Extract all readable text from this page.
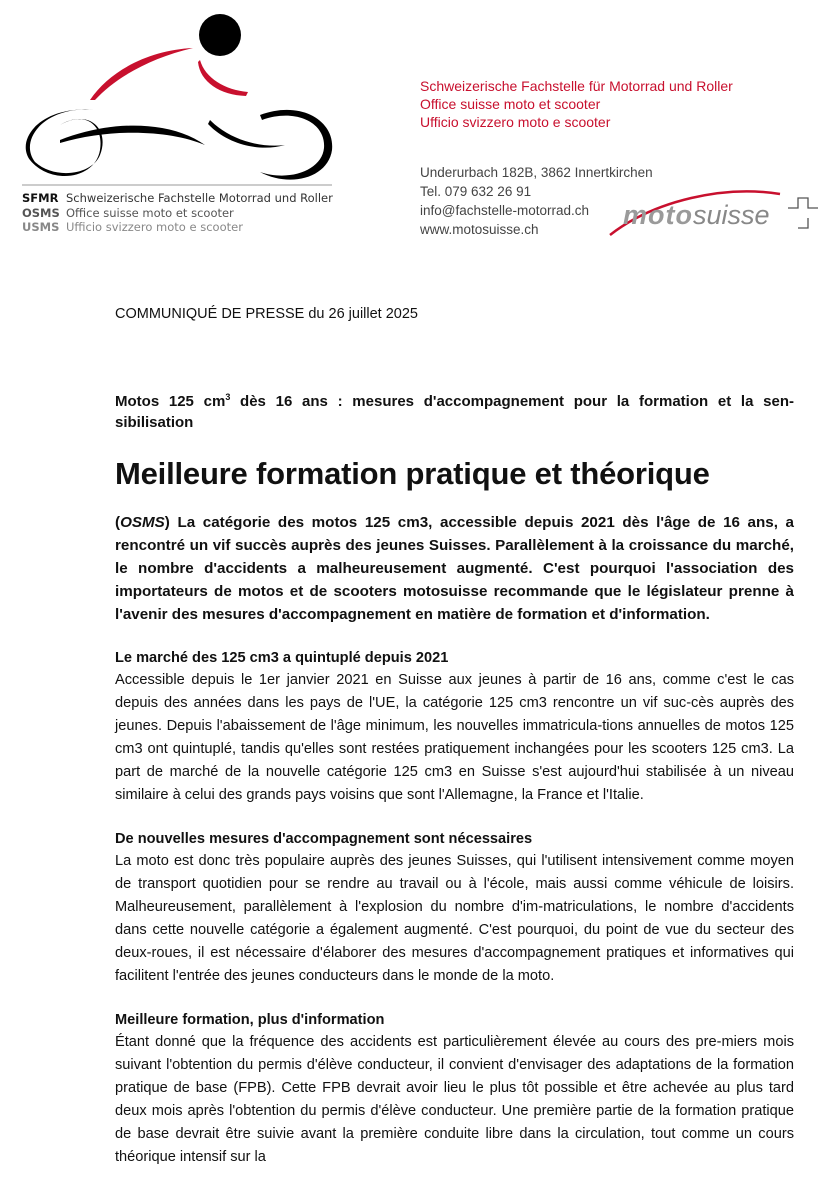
SFMR Schweizerische Fachstelle Motorrad und Roller
OSMS Office suisse moto et scooter
USMS Ufficio svizzero moto e scooter
Schweizerische Fachstelle für Motorrad und Roller
Office suisse moto et scooter
Ufficio svizzero moto e scooter
Underurbach 182B, 3862 Innertkirchen
Tel. 079 632 26 91
info@fachstelle-motorrad.ch
www.motosuisse.ch	motosuisse

COMMUNIQUÉ DE PRESSE du 26 juillet 2025

Motos 125 $cm^3$ dès 16 ans : mesures d'accompagnement pour la formation et la sen-sibilisation

Meilleure formation pratique et théorique

(OSMS) La catégorie des motos 125 cm3, accessible depuis 2021 dès l'âge de 16 ans, a rencontré un vif succès auprès des jeunes Suisses. Parallèlement à la croissance du marché, le nombre d'accidents a malheureusement augmenté. C'est pourquoi l'association des importateurs de motos et de scooters motosuisse recommande que le législateur prenne à l'avenir des mesures d'accompagnement en matière de formation et d'information.

Le marché des 125 cm3 a quintuplé depuis 2021

Accessible depuis le 1er janvier 2021 en Suisse aux jeunes à partir de 16 ans, comme c'est le cas depuis des années dans les pays de l'UE, la catégorie 125 cm3 rencontre un vif suc-cès auprès des jeunes. Depuis l'abaissement de l'âge minimum, les nouvelles immatricula-tions annuelles de motos 125 cm3 ont quintuplé, tandis qu'elles sont restées pratiquement inchangées pour les scooters 125 cm3. La part de marché de la nouvelle catégorie 125 cm3 en Suisse s'est aujourd'hui stabilisée à un niveau similaire à celui des grands pays voisins que sont l'Allemagne, la France et l'Italie.

De nouvelles mesures d'accompagnement sont nécessaires

La moto est donc très populaire auprès des jeunes Suisses, qui l'utilisent intensivement comme moyen de transport quotidien pour se rendre au travail ou à l'école, mais aussi comme véhicule de loisirs. Malheureusement, parallèlement à l'explosion du nombre d'im-matriculations, le nombre d'accidents dans cette nouvelle catégorie a également augmenté. C'est pourquoi, du point de vue du secteur des deux-roues, il est nécessaire d'élaborer des mesures d'accompagnement pratiques et informatives qui facilitent l'entrée des jeunes conducteurs dans le monde de la moto.

Meilleure formation, plus d'information

Étant donné que la fréquence des accidents est particulièrement élevée au cours des pre-miers mois suivant l'obtention du permis d'élève conducteur, il convient d'envisager des adaptations de la formation pratique de base (FPB). Cette FPB devrait avoir lieu le plus tôt possible et être achevée au plus tard deux mois après l'obtention du permis d'élève conducteur. Une première partie de la formation pratique de base devrait être suivie avant la première conduite libre dans la circulation, tout comme un cours théorique intensif sur la
